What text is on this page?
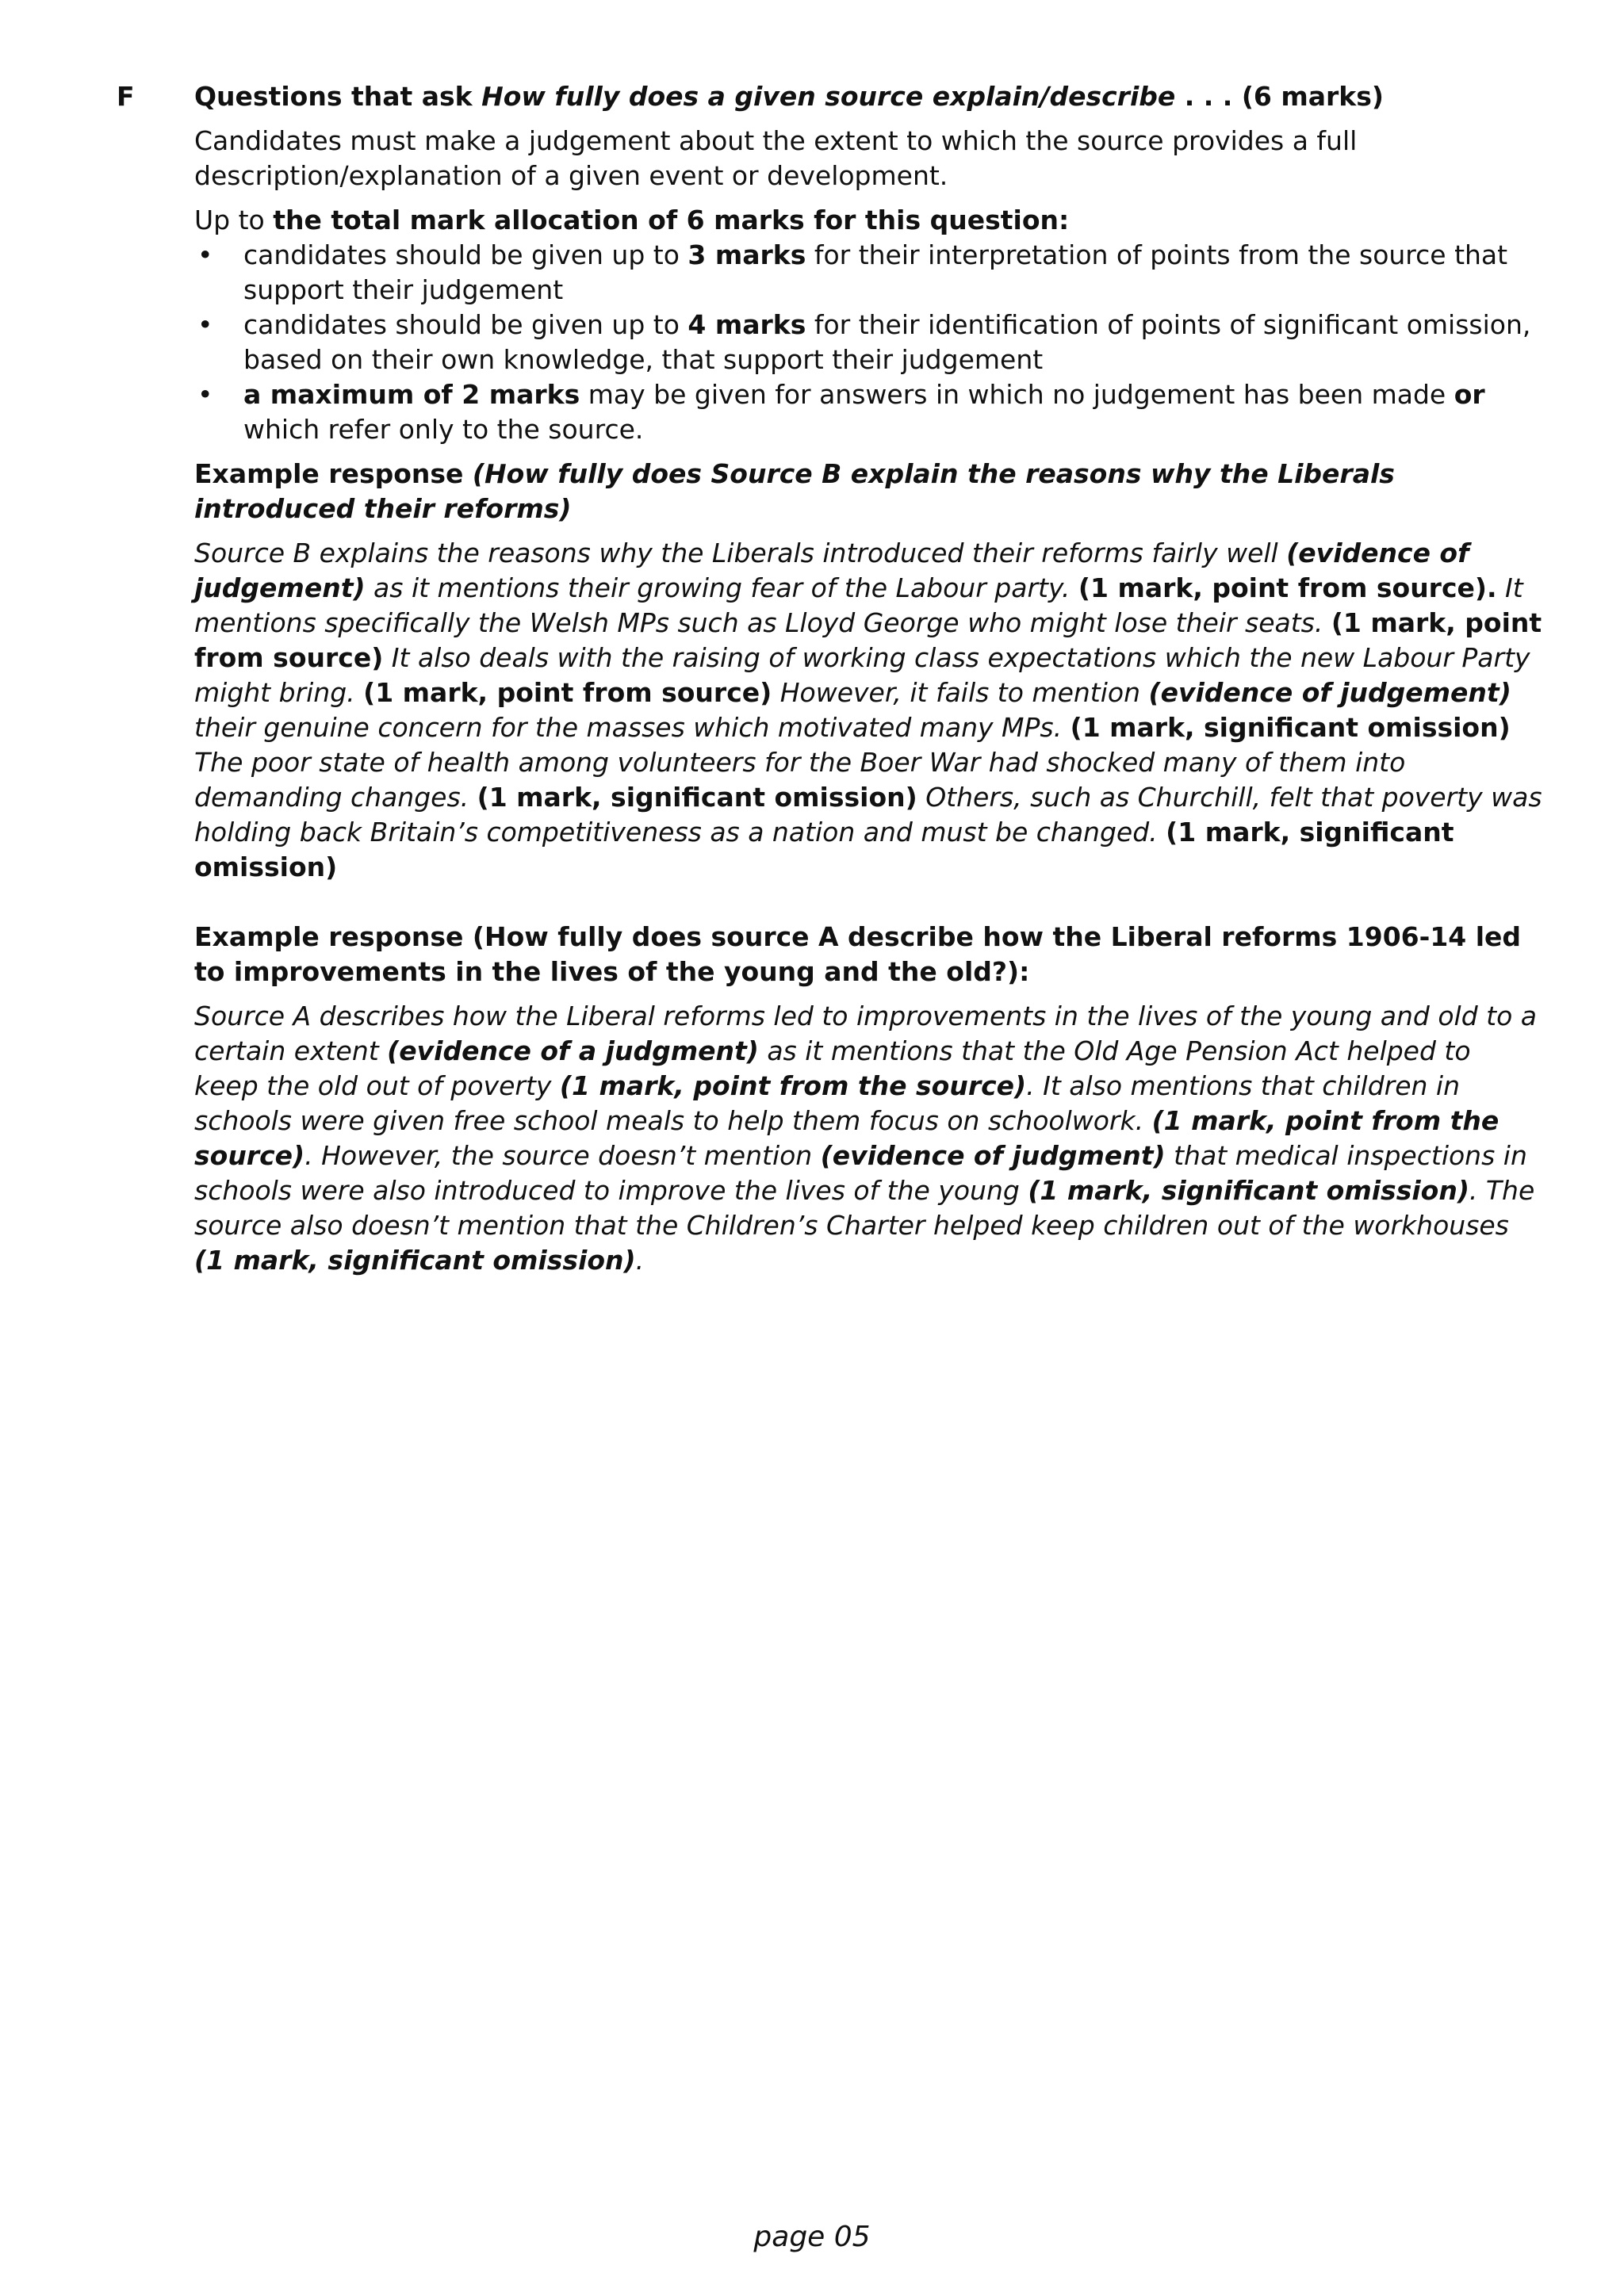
F Questions that ask How fully does a given source explain/describe . . . (6 marks)

Candidates must make a judgement about the extent to which the source provides a full description/explanation of a given event or development.

Up to the total mark allocation of 6 marks for this question:

• candidates should be given up to 3 marks for their interpretation of points from the source that support their judgement
• candidates should be given up to 4 marks for their identification of points of significant omission, based on their own knowledge, that support their judgement
• a maximum of 2 marks may be given for answers in which no judgement has been made or which refer only to the source.

Example response (How fully does Source B explain the reasons why the Liberals introduced their reforms)

Source B explains the reasons why the Liberals introduced their reforms fairly well (evidence of judgement) as it mentions their growing fear of the Labour party. (1 mark, point from source). It mentions specifically the Welsh MPs such as Lloyd George who might lose their seats. (1 mark, point from source) It also deals with the raising of working class expectations which the new Labour Party might bring. (1 mark, point from source) However, it fails to mention (evidence of judgement) their genuine concern for the masses which motivated many MPs. (1 mark, significant omission) The poor state of health among volunteers for the Boer War had shocked many of them into demanding changes. (1 mark, significant omission) Others, such as Churchill, felt that poverty was holding back Britain’s competitiveness as a nation and must be changed. (1 mark, significant omission)

Example response (How fully does source A describe how the Liberal reforms 1906-14 led to improvements in the lives of the young and the old?):

Source A describes how the Liberal reforms led to improvements in the lives of the young and old to a certain extent (evidence of a judgment) as it mentions that the Old Age Pension Act helped to keep the old out of poverty (1 mark, point from the source). It also mentions that children in schools were given free school meals to help them focus on schoolwork. (1 mark, point from the source). However, the source doesn’t mention (evidence of judgment) that medical inspections in schools were also introduced to improve the lives of the young (1 mark, significant omission). The source also doesn’t mention that the Children’s Charter helped keep children out of the workhouses (1 mark, significant omission).

page 05
